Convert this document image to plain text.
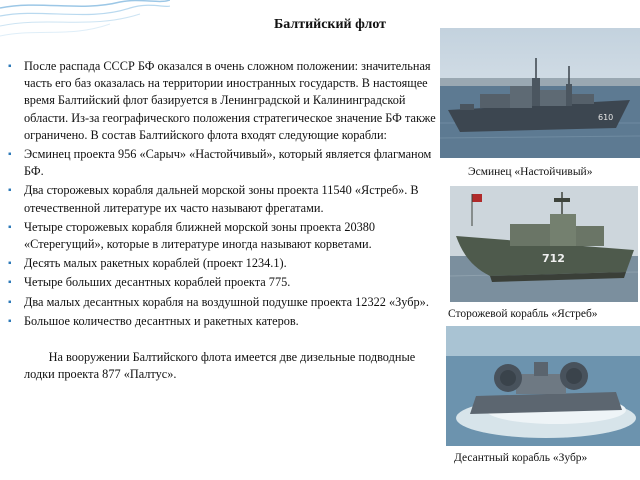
Балтийский флот
▪ После распада СССР БФ оказался в очень сложном положении: значительная часть его баз оказалась на территории иностранных государств. В настоящее время Балтийский флот базируется в Ленинградской и Калининградской области. Из-за географического положения стратегическое значение БФ также ограничено. В состав Балтийского флота входят следующие корабли:
▪ Эсминец проекта 956 «Сарыч» «Настойчивый», который является флагманом БФ.
▪ Два сторожевых корабля дальней морской зоны проекта 11540 «Ястреб». В отечественной литературе их часто называют фрегатами.
▪ Четыре сторожевых корабля ближней морской зоны проекта 20380 «Стерегущий», которые в литературе иногда называют корветами.
▪ Десять малых ракетных кораблей (проект 1234.1).
▪ Четыре больших десантных кораблей проекта 775.
▪ Два малых десантных корабля на воздушной подушке проекта 12322 «Зубр».
▪ Большое количество десантных и ракетных катеров.

На вооружении Балтийского флота имеется две дизельные подводные лодки проекта 877 «Палтус».

610
Эсминец «Настойчивый»
712
Сторожевой корабль «Ястреб»
Десантный корабль «Зубр»
